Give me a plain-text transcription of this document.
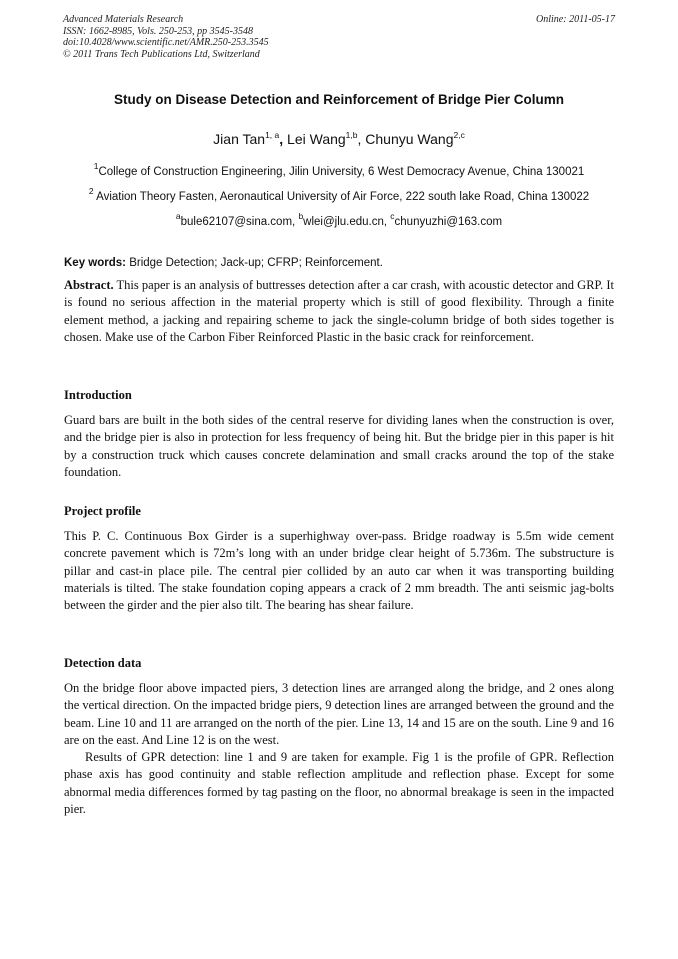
Advanced Materials Research
ISSN: 1662-8985, Vols. 250-253, pp 3545-3548
doi:10.4028/www.scientific.net/AMR.250-253.3545
© 2011 Trans Tech Publications Ltd, Switzerland
Online: 2011-05-17
Study on Disease Detection and Reinforcement of Bridge Pier Column
Jian Tan$^{1, a}$, Lei Wang$^{1,b}$, Chunyu Wang$^{2,c}$
$^1$College of Construction Engineering, Jilin University, 6 West Democracy Avenue, China 130021
$^2$ Aviation Theory Fasten, Aeronautical University of Air Force, 222 south lake Road, China 130022
$^a$bule62107@sina.com, $^b$wlei@jlu.edu.cn, $^c$chunyuzhi@163.com
Key words: Bridge Detection; Jack-up; CFRP; Reinforcement.
Abstract. This paper is an analysis of buttresses detection after a car crash, with acoustic detector and GRP. It is found no serious affection in the material property which is still of good flexibility. Through a finite element method, a jacking and repairing scheme to jack the single-column bridge of both sides together is chosen. Make use of the Carbon Fiber Reinforced Plastic in the basic crack for reinforcement.
Introduction
Guard bars are built in the both sides of the central reserve for dividing lanes when the construction is over, and the bridge pier is also in protection for less frequency of being hit. But the bridge pier in this paper is hit by a construction truck which causes concrete delamination and small cracks around the top of the stake foundation.
Project profile
This P. C. Continuous Box Girder is a superhighway over-pass. Bridge roadway is 5.5m wide cement concrete pavement which is 72m’s long with an under bridge clear height of 5.736m. The substructure is pillar and cast-in place pile. The central pier collided by an auto car when it was transporting building materials is tilted. The stake foundation coping appears a crack of 2 mm breadth. The anti seismic jag-bolts between the girder and the pier also tilt. The bearing has shear failure.
Detection data
On the bridge floor above impacted piers, 3 detection lines are arranged along the bridge, and 2 ones along the vertical direction. On the impacted bridge piers, 9 detection lines are arranged between the ground and the beam. Line 10 and 11 are arranged on the north of the pier. Line 13, 14 and 15 are on the south. Line 9 and 16 are on the east. And Line 12 is on the west.
Results of GPR detection: line 1 and 9 are taken for example. Fig 1 is the profile of GPR. Reflection phase axis has good continuity and stable reflection amplitude and reflection phase. Except for some abnormal media differences formed by tag pasting on the floor, no abnormal breakage is seen in the impacted pier.
